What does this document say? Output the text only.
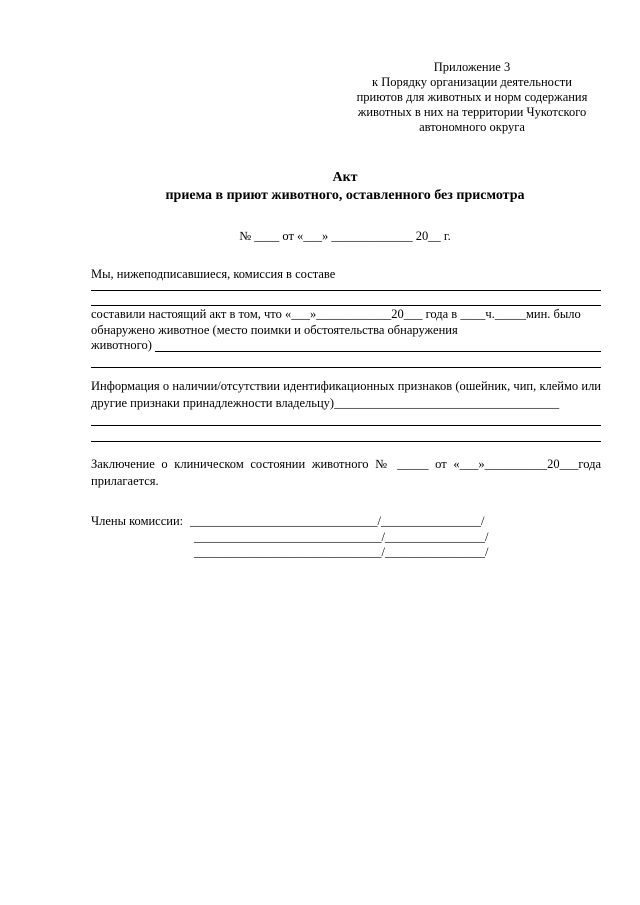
Приложение 3
к Порядку организации деятельности
приютов для животных и норм содержания
животных в них на территории Чукотского
автономного округа
Акт
приема в приют животного, оставленного без присмотра
№ ____ от «___» _____________ 20__ г.
Мы, нижеподписавшиеся, комиссия в составе
составили настоящий акт в том, что «___»____________20___ года в ____ч._____мин. было
обнаружено животное (место поимки и обстоятельства обнаружения
животного)
Информация о наличии/отсутствии идентификационных признаков (ошейник, чип, клеймо или другие признаки принадлежности владельцу)____________________________________
Заключение о клиническом состоянии животного № _____ от «___»__________20___года прилагается.
Члены комиссии: ______________________________/________________/
______________________________/________________/
______________________________/________________/
